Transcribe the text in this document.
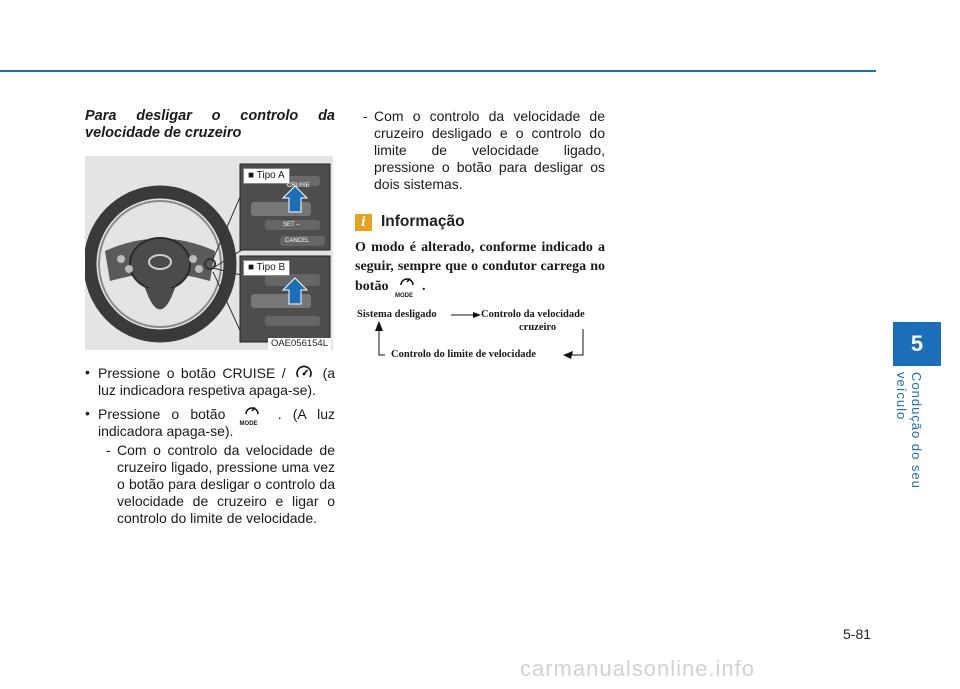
5
Condução do seu veículo
5-81
carmanualsonline.info

Para desligar o controlo da velocidade de cruzeiro

■ Tipo A
CRUISE
SET –
CANCEL
■ Tipo B
OAE056154L
• Pressione o botão CRUISE /	(a luz indicadora respetiva apaga-se).
• Pressione o botão
MODE
. (A luz indicadora apaga-se).
- Com o controlo da velocidade de cruzeiro ligado, pressione uma vez o botão para desligar o controlo da velocidade de cruzeiro e ligar o controlo do limite de velocidade.
- Com o controlo da velocidade de cruzeiro desligado e o controlo do limite de velocidade ligado, pressione o botão para desligar os dois sistemas.
i Informação
O modo é alterado, conforme indicado a seguir, sempre que o condutor carrega no botão
MODE
.
Sistema desligado	Controlo da velocidade
cruzeiro
Controlo do limite de velocidade
